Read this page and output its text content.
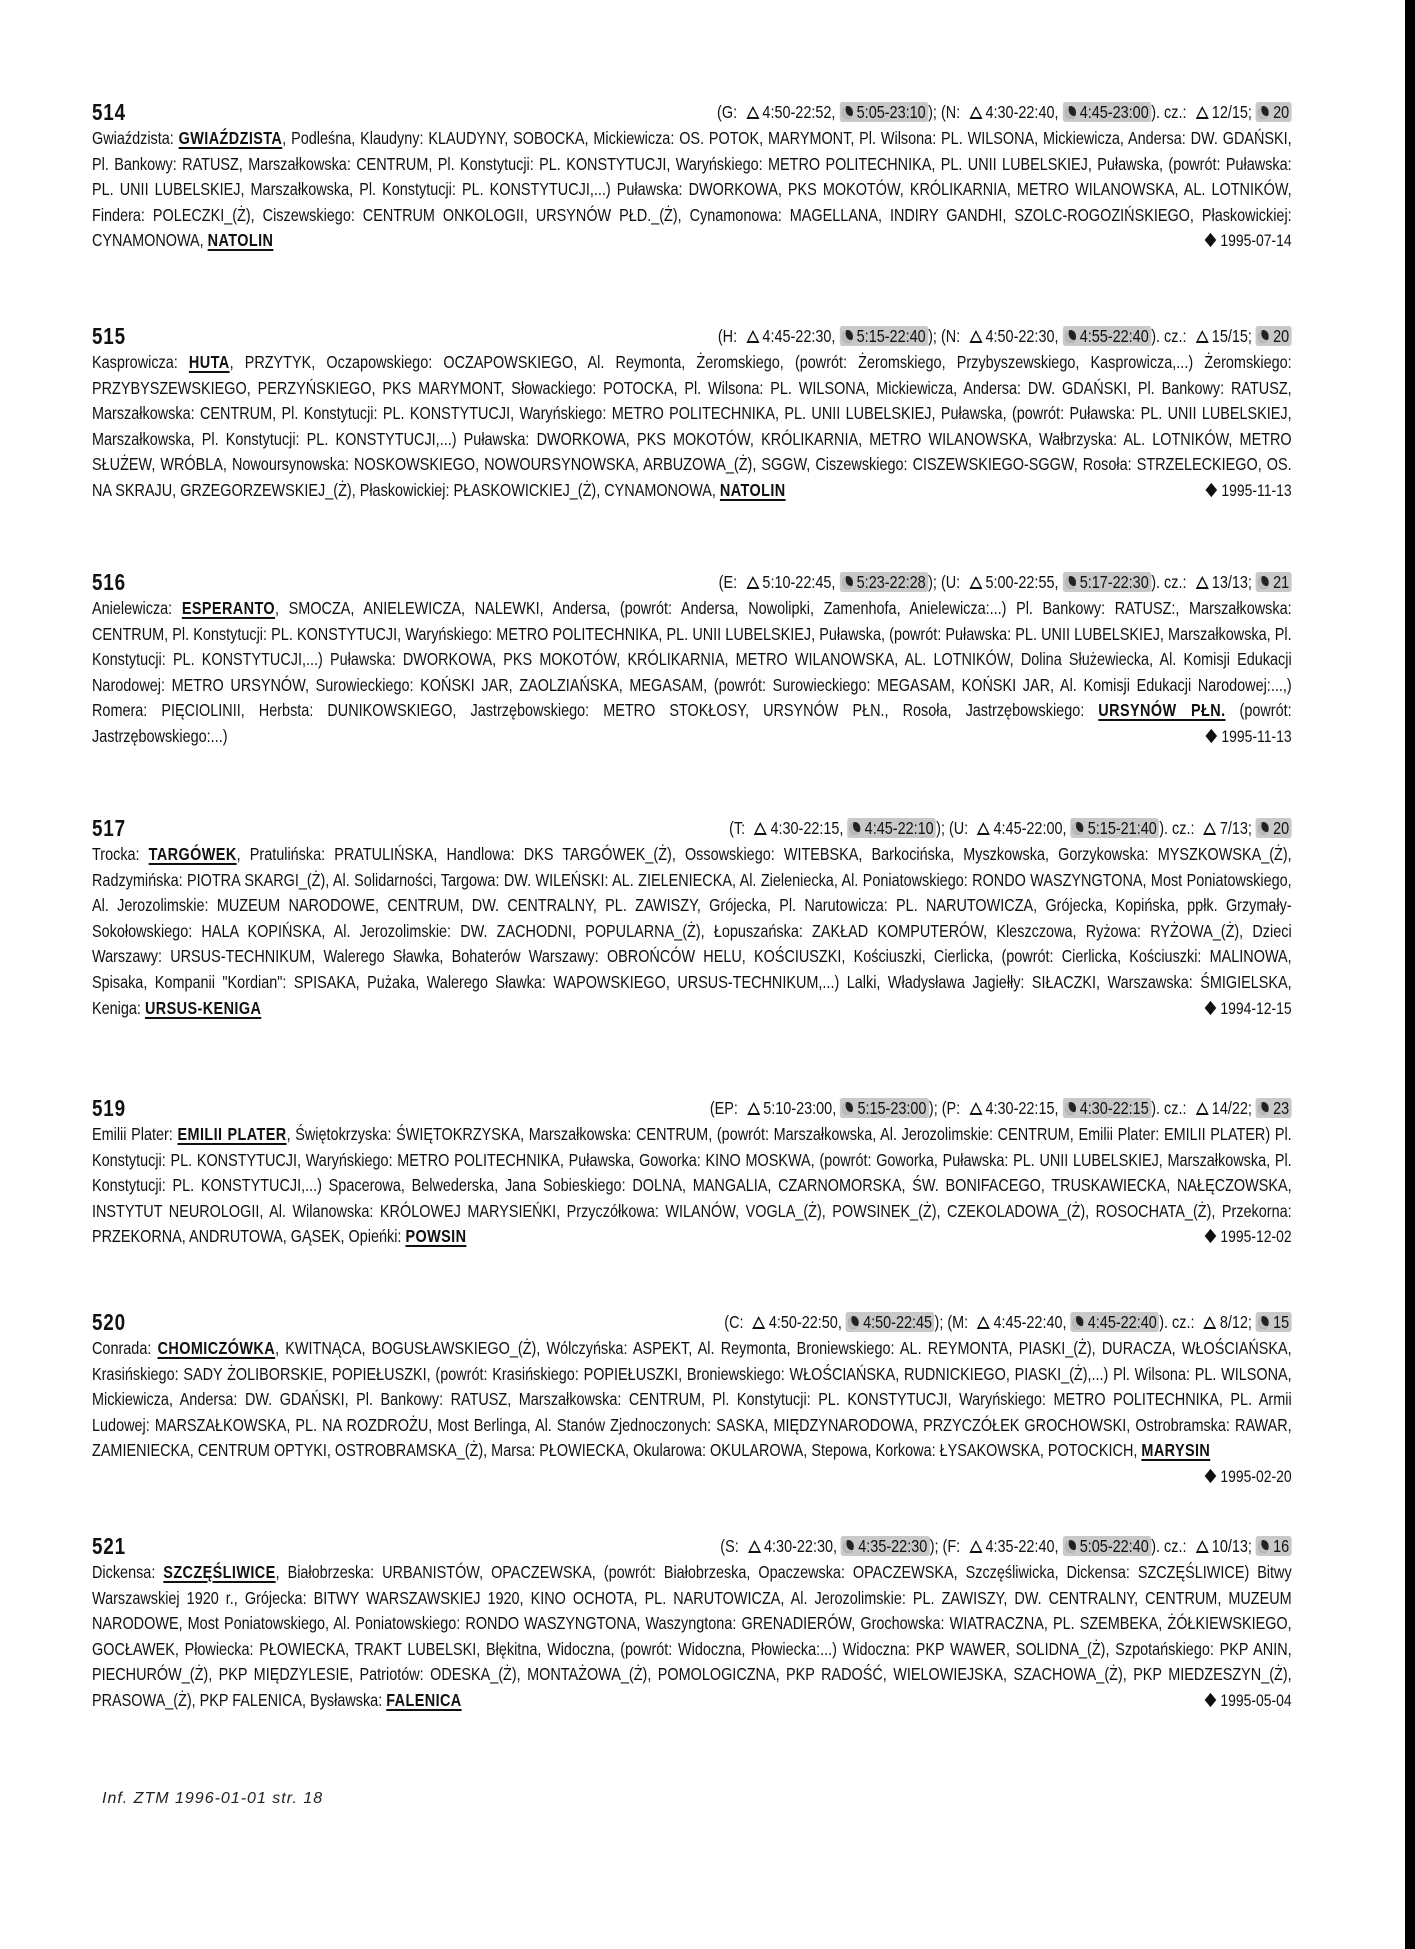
514	(G: 4:50-22:52, 5:05-23:10 ); (N: 4:30-22:40, 4:45-23:00 ). cz.: 12/15; 20
Gwiaździsta: GWIAŹDZISTA, Podleśna, Klaudyny: KLAUDYNY, SOBOCKA, Mickiewicza: OS. POTOK, MARYMONT, Pl. Wilsona: PL. WILSONA, Mickiewicza, Andersa: DW. GDAŃSKI, Pl. Bankowy: RATUSZ, Marszałkowska: CENTRUM, Pl. Konstytucji: PL. KONSTYTUCJI, Waryńskiego: METRO POLITECHNIKA, PL. UNII LUBELSKIEJ, Puławska, (powrót: Puławska: PL. UNII LUBELSKIEJ, Marszałkowska, Pl. Konstytucji: PL. KONSTYTUCJI,...) Puławska: DWORKOWA, PKS MOKOTÓW, KRÓLIKARNIA, METRO WILANOWSKA, AL. LOTNIKÓW, Findera: POLECZKI_(Ż), Ciszewskiego: CENTRUM ONKOLOGII, URSYNÓW PŁD._(Ż), Cynamonowa: MAGELLANA, INDIRY GANDHI, SZOLC-ROGOZIŃSKIEGO, Płaskowickiej: CYNAMONOWA, NATOLIN	1995-07-14
515	(H: 4:45-22:30, 5:15-22:40 ); (N: 4:50-22:30, 4:55-22:40 ). cz.: 15/15; 20
Kasprowicza: HUTA, PRZYTYK, Oczapowskiego: OCZAPOWSKIEGO, Al. Reymonta, Żeromskiego, (powrót: Żeromskiego, Przybyszewskiego, Kasprowicza,...) Żeromskiego: PRZYBYSZEWSKIEGO, PERZYŃSKIEGO, PKS MARYMONT, Słowackiego: POTOCKA, Pl. Wilsona: PL. WILSONA, Mickiewicza, Andersa: DW. GDAŃSKI, Pl. Bankowy: RATUSZ, Marszałkowska: CENTRUM, Pl. Konstytucji: PL. KONSTYTUCJI, Waryńskiego: METRO POLITECHNIKA, PL. UNII LUBELSKIEJ, Puławska, (powrót: Puławska: PL. UNII LUBELSKIEJ, Marszałkowska, Pl. Konstytucji: PL. KONSTYTUCJI,...) Puławska: DWORKOWA, PKS MOKOTÓW, KRÓLIKARNIA, METRO WILANOWSKA, Wałbrzyska: AL. LOTNIKÓW, METRO SŁUŻEW, WRÓBLA, Nowoursynowska: NOSKOWSKIEGO, NOWOURSYNOWSKA, ARBUZOWA_(Ż), SGGW, Ciszewskiego: CISZEWSKIEGO-SGGW, Rosoła: STRZELECKIEGO, OS. NA SKRAJU, GRZEGORZEWSKIEJ_(Ż), Płaskowickiej: PŁASKOWICKIEJ_(Ż), CYNAMONOWA, NATOLIN	1995-11-13
516	(E: 5:10-22:45, 5:23-22:28 ); (U: 5:00-22:55, 5:17-22:30 ). cz.: 13/13; 21
Anielewicza: ESPERANTO, SMOCZA, ANIELEWICZA, NALEWKI, Andersa, (powrót: Andersa, Nowolipki, Zamenhofa, Anielewicza:...) Pl. Bankowy: RATUSZ:, Marszałkowska: CENTRUM, Pl. Konstytucji: PL. KONSTYTUCJI, Waryńskiego: METRO POLITECHNIKA, PL. UNII LUBELSKIEJ, Puławska, (powrót: Puławska: PL. UNII LUBELSKIEJ, Marszałkowska, Pl. Konstytucji: PL. KONSTYTUCJI,...) Puławska: DWORKOWA, PKS MOKOTÓW, KRÓLIKARNIA, METRO WILANOWSKA, AL. LOTNIKÓW, Dolina Służewiecka, Al. Komisji Edukacji Narodowej: METRO URSYNÓW, Surowieckiego: KOŃSKI JAR, ZAOLZIAŃSKA, MEGASAM, (powrót: Surowieckiego: MEGASAM, KOŃSKI JAR, Al. Komisji Edukacji Narodowej:...,) Romera: PIĘCIOLINII, Herbsta: DUNIKOWSKIEGO, Jastrzębowskiego: METRO STOKŁOSY, URSYNÓW PŁN., Rosoła, Jastrzębowskiego: URSYNÓW PŁN. (powrót: Jastrzębowskiego:...)	1995-11-13
517	(T: 4:30-22:15, 4:45-22:10 ); (U: 4:45-22:00, 5:15-21:40 ). cz.: 7/13; 20
Trocka: TARGÓWEK, Pratulińska: PRATULIŃSKA, Handlowa: DKS TARGÓWEK_(Ż), Ossowskiego: WITEBSKA, Barkocińska, Myszkowska, Gorzykowska: MYSZKOWSKA_(Ż), Radzymińska: PIOTRA SKARGI_(Ż), Al. Solidarności, Targowa: DW. WILEŃSKI: AL. ZIELENIECKA, Al. Zieleniecka, Al. Poniatowskiego: RONDO WASZYNGTONA, Most Poniatowskiego, Al. Jerozolimskie: MUZEUM NARODOWE, CENTRUM, DW. CENTRALNY, PL. ZAWISZY, Grójecka, Pl. Narutowicza: PL. NARUTOWICZA, Grójecka, Kopińska, ppłk. Grzymały-Sokołowskiego: HALA KOPIŃSKA, Al. Jerozolimskie: DW. ZACHODNI, POPULARNA_(Ż), Łopuszańska: ZAKŁAD KOMPUTERÓW, Kleszczowa, Ryżowa: RYŻOWA_(Ż), Dzieci Warszawy: URSUS-TECHNIKUM, Walerego Sławka, Bohaterów Warszawy: OBROŃCÓW HELU, KOŚCIUSZKI, Kościuszki, Cierlicka, (powrót: Cierlicka, Kościuszki: MALINOWA, Spisaka, Kompanii "Kordian": SPISAKA, Pużaka, Walerego Sławka: WAPOWSKIEGO, URSUS-TECHNIKUM,...) Lalki, Władysława Jagiełły: SIŁACZKI, Warszawska: ŚMIGIELSKA, Keniga: URSUS-KENIGA	1994-12-15
519	(EP: 5:10-23:00, 5:15-23:00 ); (P: 4:30-22:15, 4:30-22:15 ). cz.: 14/22; 23
Emilii Plater: EMILII PLATER, Świętokrzyska: ŚWIĘTOKRZYSKA, Marszałkowska: CENTRUM, (powrót: Marszałkowska, Al. Jerozolimskie: CENTRUM, Emilii Plater: EMILII PLATER) Pl. Konstytucji: PL. KONSTYTUCJI, Waryńskiego: METRO POLITECHNIKA, Puławska, Goworka: KINO MOSKWA, (powrót: Goworka, Puławska: PL. UNII LUBELSKIEJ, Marszałkowska, Pl. Konstytucji: PL. KONSTYTUCJI,...) Spacerowa, Belwederska, Jana Sobieskiego: DOLNA, MANGALIA, CZARNOMORSKA, ŚW. BONIFACEGO, TRUSKAWIECKA, NAŁĘCZOWSKA, INSTYTUT NEUROLOGII, Al. Wilanowska: KRÓLOWEJ MARYSIEŃKI, Przyczółkowa: WILANÓW, VOGLA_(Ż), POWSINEK_(Ż), CZEKOLADOWA_(Ż), ROSOCHATA_(Ż), Przekorna: PRZEKORNA, ANDRUTOWA, GĄSEK, Opieńki: POWSIN	1995-12-02
520	(C: 4:50-22:50, 4:50-22:45 ); (M: 4:45-22:40, 4:45-22:40 ). cz.: 8/12; 15
Conrada: CHOMICZÓWKA, KWITNĄCA, BOGUSŁAWSKIEGO_(Ż), Wólczyńska: ASPEKT, Al. Reymonta, Broniewskiego: AL. REYMONTA, PIASKI_(Ż), DURACZA, WŁOŚCIAŃSKA, Krasińskiego: SADY ŻOLIBORSKIE, POPIEŁUSZKI, (powrót: Krasińskiego: POPIEŁUSZKI, Broniewskiego: WŁOŚCIAŃSKA, RUDNICKIEGO, PIASKI_(Ż),...) Pl. Wilsona: PL. WILSONA, Mickiewicza, Andersa: DW. GDAŃSKI, Pl. Bankowy: RATUSZ, Marszałkowska: CENTRUM, Pl. Konstytucji: PL. KONSTYTUCJI, Waryńskiego: METRO POLITECHNIKA, PL. Armii Ludowej: MARSZAŁKOWSKA, PL. NA ROZDROŻU, Most Berlinga, Al. Stanów Zjednoczonych: SASKA, MIĘDZYNARODOWA, PRZYCZÓŁEK GROCHOWSKI, Ostrobramska: RAWAR, ZAMIENIECKA, CENTRUM OPTYKI, OSTROBRAMSKA_(Ż), Marsa: PŁOWIECKA, Okularowa: OKULAROWA, Stepowa, Korkowa: ŁYSAKOWSKA, POTOCKICH, MARYSIN
1995-02-20
521	(S: 4:30-22:30, 4:35-22:30 ); (F: 4:35-22:40, 5:05-22:40 ). cz.: 10/13; 16
Dickensa: SZCZĘŚLIWICE, Białobrzeska: URBANISTÓW, OPACZEWSKA, (powrót: Białobrzeska, Opaczewska: OPACZEWSKA, Szczęśliwicka, Dickensa: SZCZĘŚLIWICE) Bitwy Warszawskiej 1920 r., Grójecka: BITWY WARSZAWSKIEJ 1920, KINO OCHOTA, PL. NARUTOWICZA, Al. Jerozolimskie: PL. ZAWISZY, DW. CENTRALNY, CENTRUM, MUZEUM NARODOWE, Most Poniatowskiego, Al. Poniatowskiego: RONDO WASZYNGTONA, Waszyngtona: GRENADIERÓW, Grochowska: WIATRACZNA, PL. SZEMBEKA, ŻÓŁKIEWSKIEGO, GOCŁAWEK, Płowiecka: PŁOWIECKA, TRAKT LUBELSKI, Błękitna, Widoczna, (powrót: Widoczna, Płowiecka:...) Widoczna: PKP WAWER, SOLIDNA_(Ż), Szpotańskiego: PKP ANIN, PIECHURÓW_(Ż), PKP MIĘDZYLESIE, Patriotów: ODESKA_(Ż), MONTAŻOWA_(Ż), POMOLOGICZNA, PKP RADOŚĆ, WIELOWIEJSKA, SZACHOWA_(Ż), PKP MIEDZESZYN_(Ż), PRASOWA_(Ż), PKP FALENICA, Bysławska: FALENICA	1995-05-04
Inf. ZTM 1996-01-01 str. 18
